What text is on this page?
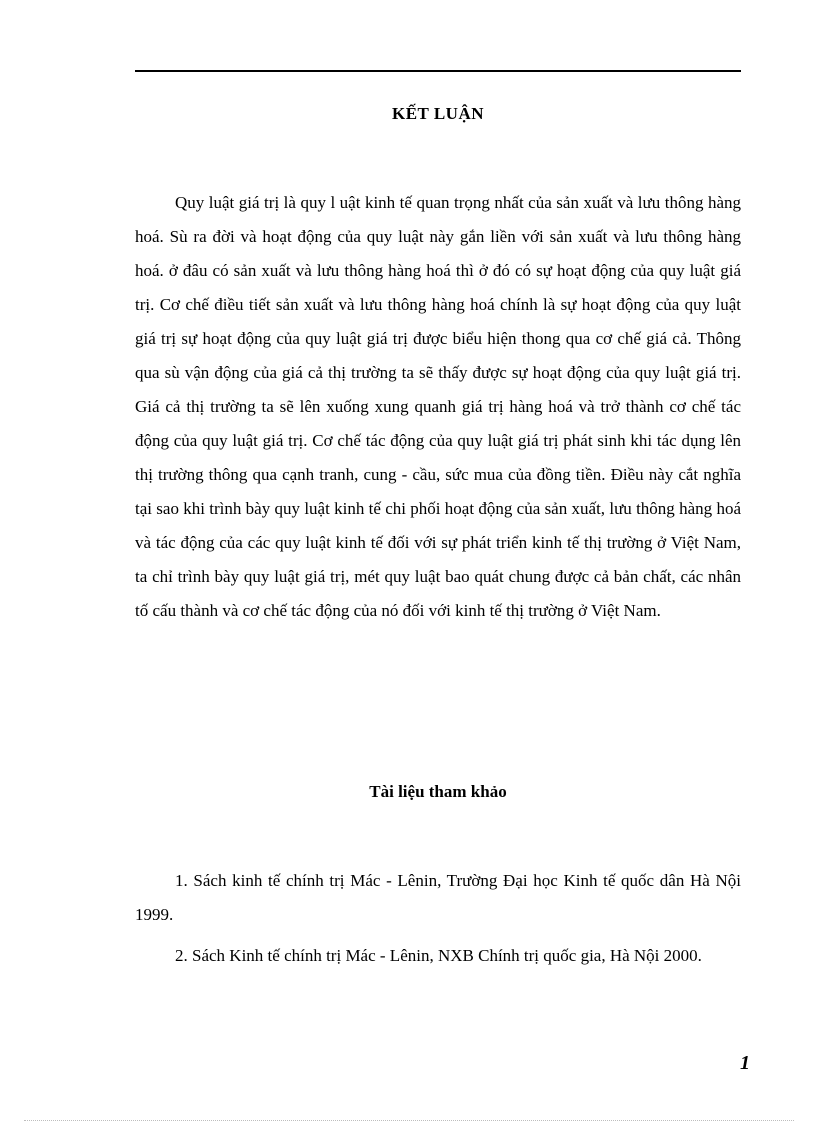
KẾT LUẬN

Quy luật giá trị là quy l uật kinh tế quan trọng nhất của sản xuất và lưu thông hàng hoá. Sù ra đời và hoạt động của quy luật này gắn liền với sản xuất và lưu thông hàng hoá. ở đâu có sản xuất và lưu thông hàng hoá thì ở đó có sự hoạt động của quy luật giá trị. Cơ chế điều tiết sản xuất và lưu thông hàng hoá chính là sự hoạt động của quy luật giá trị sự hoạt động của quy luật giá trị được biểu hiện thong qua cơ chế giá cả. Thông qua sù vận động của giá cả thị trường ta sẽ thấy được sự hoạt động của quy luật giá trị. Giá cả thị trường ta sẽ lên xuống xung quanh giá trị hàng hoá và trở thành cơ chế tác động của quy luật giá trị. Cơ chế tác động của quy luật giá trị phát sinh khi tác dụng lên thị trường thông qua cạnh tranh, cung - cầu, sức mua của đồng tiền. Điều này cắt nghĩa tại sao khi trình bày quy luật kinh tế chi phối hoạt động của sản xuất, lưu thông hàng hoá và tác động của các quy luật kinh tế đối với sự phát triển kinh tế thị trường ở Việt Nam, ta chỉ trình bày quy luật giá trị, mét quy luật bao quát chung được cả bản chất, các nhân tố cấu thành và cơ chế tác động của nó đối với kinh tế thị trường ở Việt Nam.

Tài liệu tham khảo
1. Sách kinh tế chính trị Mác - Lênin, Trường Đại học Kinh tế quốc dân Hà Nội 1999.
2. Sách Kinh tế chính trị Mác - Lênin, NXB Chính trị quốc gia, Hà Nội 2000.
1
